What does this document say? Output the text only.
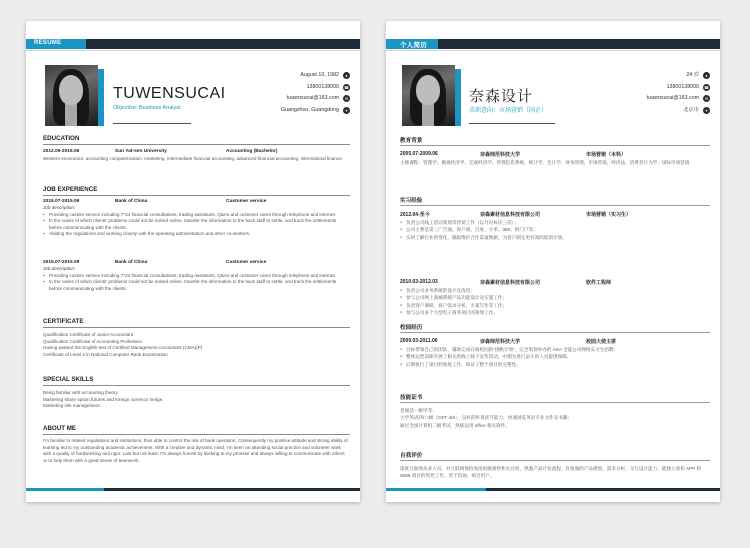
RESUME
TUWENSUCAI
Objective: Business Analyst
August 10, 1982	●
13800138000 ☎
tuwensucai@163.com	✉
Guangzhou, Guangdong	⌖
EDUCATION
2012.09-2016.06	Sun Yat-sen University	Accounting (Bachelor)
Western economics, accounting computerization, marketing, intermediate financial accounting, advanced financial accounting, international finance.
JOB EXPERIENCE
2015.07-2015.09	Bank of China	Customer service
Job description:
• Providing custom service including 7*24 financial consultations, trading assistants, Q&As and customer cares through telephone and internet.
• In the cases of which clients' problems could not be solved online, transfer the information to the back staff to settle, and track the settlements before communicating with the clients.
• Abiding the regulations and working closely with the operating administration and other co-workers.
2015.07-2015.09	Bank of China	Customer service
Job description:
• Providing custom service including 7*24 financial consultations, trading assistants, Q&As and customer cares through telephone and internet.
• In the cases of which clients' problems could not be solved online, transfer the information to the back staff to settle, and track the settlements before communicating with the clients.
CERTIFICATE
Qualification Certificate of Junior Accountant
Qualification Certificate of Accounting Profession
Having passed the English test of Certified Management Accountant (CMA)(P)
Certificate of Level 2 in National Computer Rank Examination
SPECIAL SKILLS
Being familiar with accounting theory
Mastering share option,futures and foreign currency hedge.
Marketing risk management.
ABOUT ME
I'm familiar to related regulations and institutions, thus able to control the risk of bank operation. Consequently my positive attitude and strong ability of learning led to my outstanding academic achievement. With a creative and dynamic mind, I'm keen on attending social practice and volunteer work with a quality of hardworking and rigor. Last but not least, I'm always honest by sticking to my promise and always willing to communicate with others or to help them with a great sense of teamwork.
个人简历
奈森设计
求职意向：市场营销（国企）
24 岁	●
13800138000 ☎
tuwensucai@163.com	✉
北京市	⌖
教育背景
2005.07-2009.06	奈森师范科技大学	市场营销（本科）
主修课程：管理学、微观经济学、宏观经济学、管理信息系统、统计学、会计学、财务管理、市场营销、经济法、消费者行为学、国际市场营销
实习经验
2012.04-至今	奈森素材信息科技有限公司	市场营销（实习生）
● 负责公司线上活动策划等营销工作（以月份每次三次）；
● 公司主要是第三广告通、客户端、百度、小米、360、阿门户等；
● 实时了解行业的变化，跟踪维护合作渠道数据，为客户制定更有效的促销计划。
2010.03-2012.03	奈森素材信息科技有限公司	软件工程师
● 负责公司业务系统的设计及改进；
● 参与公司网上商城系统产品功能设计及实施工作；
● 负责客户调研、客户需求分析、方案写作等工作；
● 参与公司多个大型电子商务项目的策划工作。
校园经历
2009.03-2011.06	奈森师范科技大学	校园大使主席
● 目标带领自己的团队，辅助完成在商校园的“扬帆计划”，完全策划举办的 AXA 全能公司网络实习生招聘；
● 整体运营前期开展了相关的线上线下宣传活动，中期为进行奋斗的人员提供保障。
● 后期执行了项目的收尾工作，保证了整个项目的完整性。
技能证书
普通话一级甲等；
大学英语四/六级（CET-4/6），良好的听说读写能力，快速浏览英语专业文件及书籍；
通过全国计算机二级考试，熟练运用 office 相关软件。
自我评价
深度互联网从业人员，对互联网保持高度的敏感性和关注度，熟悉产品开发流程，有很强的产品规划、需求分析、交互设计能力，能独立承担 APP 和 WEB 项目的管控工作，善于沟通，贴近用户。
